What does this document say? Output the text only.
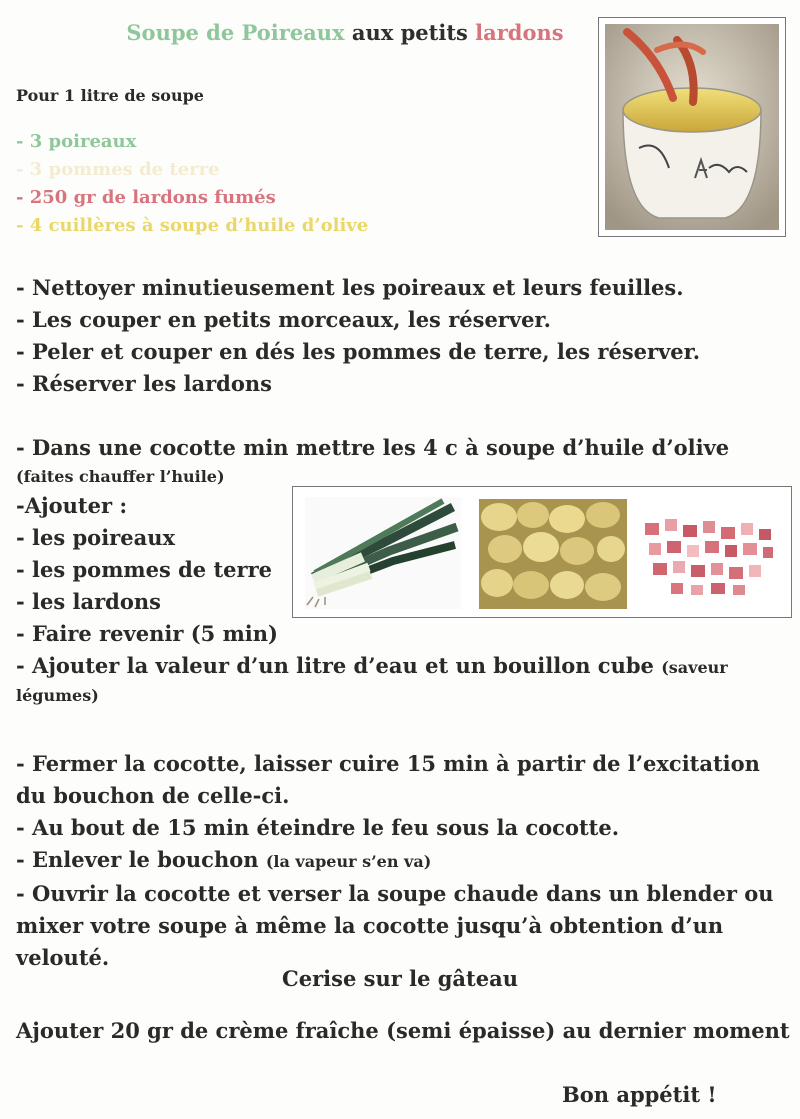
Soupe de Poireaux aux petits lardons
Pour 1 litre de soupe
- 3 poireaux
- 3 pommes de terre
- 250 gr de lardons fumés
- 4 cuillères à soupe d’huile d’olive
- Nettoyer minutieusement les poireaux et leurs feuilles.
- Les couper en petits morceaux, les réserver.
- Peler et couper en dés les pommes de terre, les réserver.
- Réserver les lardons
- Dans une cocotte min mettre les 4 c à soupe d’huile d’olive
(faites chauffer l’huile)
-Ajouter :
- les poireaux
- les pommes de terre
- les lardons
- Faire revenir (5 min)
- Ajouter la valeur d’un litre d’eau et un bouillon cube (saveur
légumes)
- Fermer la cocotte, laisser cuire 15 min à partir de l’excitation
du bouchon de celle-ci.
- Au bout de 15 min éteindre le feu sous la cocotte.
- Enlever le bouchon (la vapeur s’en va)
- Ouvrir la cocotte et verser la soupe chaude dans un blender ou
mixer votre soupe à même la cocotte jusqu’à obtention d’un
velouté.
Cerise sur le gâteau
Ajouter 20 gr de crème fraîche (semi épaisse) au dernier moment
Bon appétit !
